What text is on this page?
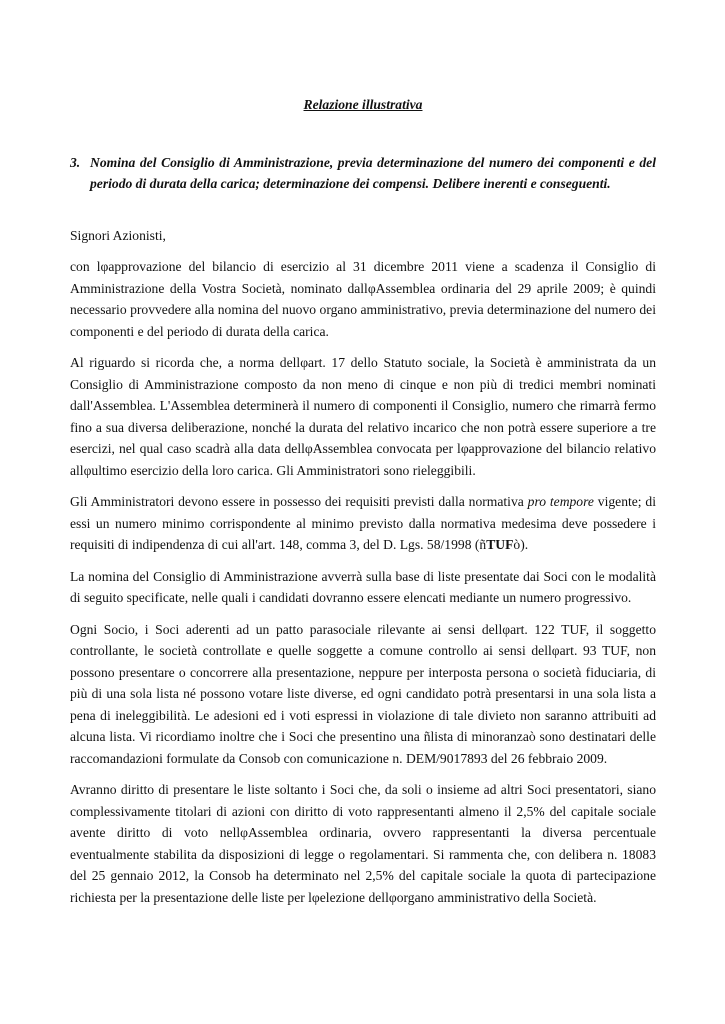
Relazione illustrativa

3. Nomina del Consiglio di Amministrazione, previa determinazione del numero dei componenti e del periodo di durata della carica; determinazione dei compensi. Delibere inerenti e conseguenti.

Signori Azionisti,

con lφapprovazione del bilancio di esercizio al 31 dicembre 2011 viene a scadenza il Consiglio di Amministrazione della Vostra Società, nominato dallφAssemblea ordinaria del 29 aprile 2009; è quindi necessario provvedere alla nomina del nuovo organo amministrativo, previa determinazione del numero dei componenti e del periodo di durata della carica.

Al riguardo si ricorda che, a norma dellφart. 17 dello Statuto sociale, la Società è amministrata da un Consiglio di Amministrazione composto da non meno di cinque e non più di tredici membri nominati dall'Assemblea. L'Assemblea determinerà il numero di componenti il Consiglio, numero che rimarrà fermo fino a sua diversa deliberazione, nonché la durata del relativo incarico che non potrà essere superiore a tre esercizi, nel qual caso scadrà alla data dellφAssemblea convocata per lφapprovazione del bilancio relativo allφultimo esercizio della loro carica. Gli Amministratori sono rieleggibili.

Gli Amministratori devono essere in possesso dei requisiti previsti dalla normativa pro tempore vigente; di essi un numero minimo corrispondente al minimo previsto dalla normativa medesima deve possedere i requisiti di indipendenza di cui all'art. 148, comma 3, del D. Lgs. 58/1998 (ñTUFò).

La nomina del Consiglio di Amministrazione avverrà sulla base di liste presentate dai Soci con le modalità di seguito specificate, nelle quali i candidati dovranno essere elencati mediante un numero progressivo.

Ogni Socio, i Soci aderenti ad un patto parasociale rilevante ai sensi dellφart. 122 TUF, il soggetto controllante, le società controllate e quelle soggette a comune controllo ai sensi dellφart. 93 TUF, non possono presentare o concorrere alla presentazione, neppure per interposta persona o società fiduciaria, di più di una sola lista né possono votare liste diverse, ed ogni candidato potrà presentarsi in una sola lista a pena di ineleggibilità. Le adesioni ed i voti espressi in violazione di tale divieto non saranno attribuiti ad alcuna lista. Vi ricordiamo inoltre che i Soci che presentino una ñlista di minoranzaò sono destinatari delle raccomandazioni formulate da Consob con comunicazione n. DEM/9017893 del 26 febbraio 2009.

Avranno diritto di presentare le liste soltanto i Soci che, da soli o insieme ad altri Soci presentatori, siano complessivamente titolari di azioni con diritto di voto rappresentanti almeno il 2,5% del capitale sociale avente diritto di voto nellφAssemblea ordinaria, ovvero rappresentanti la diversa percentuale eventualmente stabilita da disposizioni di legge o regolamentari. Si rammenta che, con delibera n. 18083 del 25 gennaio 2012, la Consob ha determinato nel 2,5% del capitale sociale la quota di partecipazione richiesta per la presentazione delle liste per lφelezione dellφorgano amministrativo della Società.
